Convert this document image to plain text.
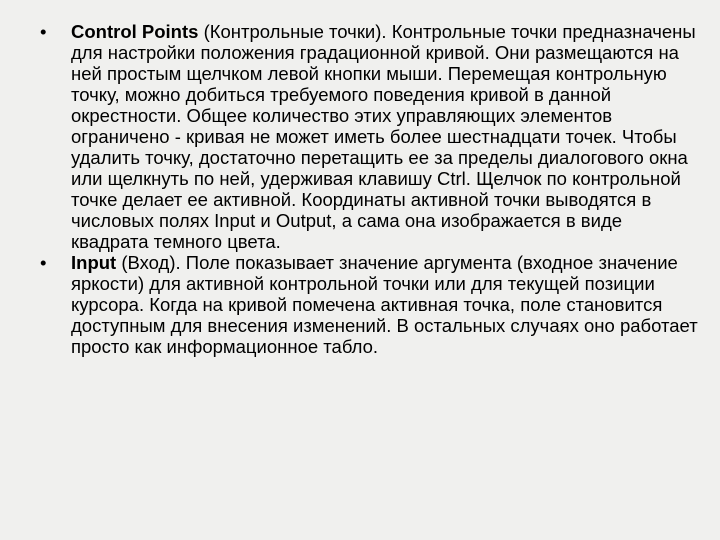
• Control Points (Контрольные точки). Контрольные точки предназначены для настройки положения градационной кривой. Они размещаются на ней простым щелчком левой кнопки мыши. Перемещая контрольную точку, можно добиться требуемого поведения кривой в данной окрестности. Общее количество этих управляющих элементов ограничено - кривая не может иметь более шестнадцати точек. Чтобы удалить точку, достаточно перетащить ее за пределы диалогового окна или щелкнуть по ней, удерживая клавишу Ctrl. Щелчок по контрольной точке делает ее активной. Координаты активной точки выводятся в числовых полях Input и Output, а сама она изображается в виде квадрата темного цвета.
• Input (Вход). Поле показывает значение аргумента (входное значение яркости) для активной контрольной точки или для текущей позиции курсора. Когда на кривой помечена активная точка, поле становится доступным для внесения изменений. В остальных случаях оно работает просто как информационное табло.
